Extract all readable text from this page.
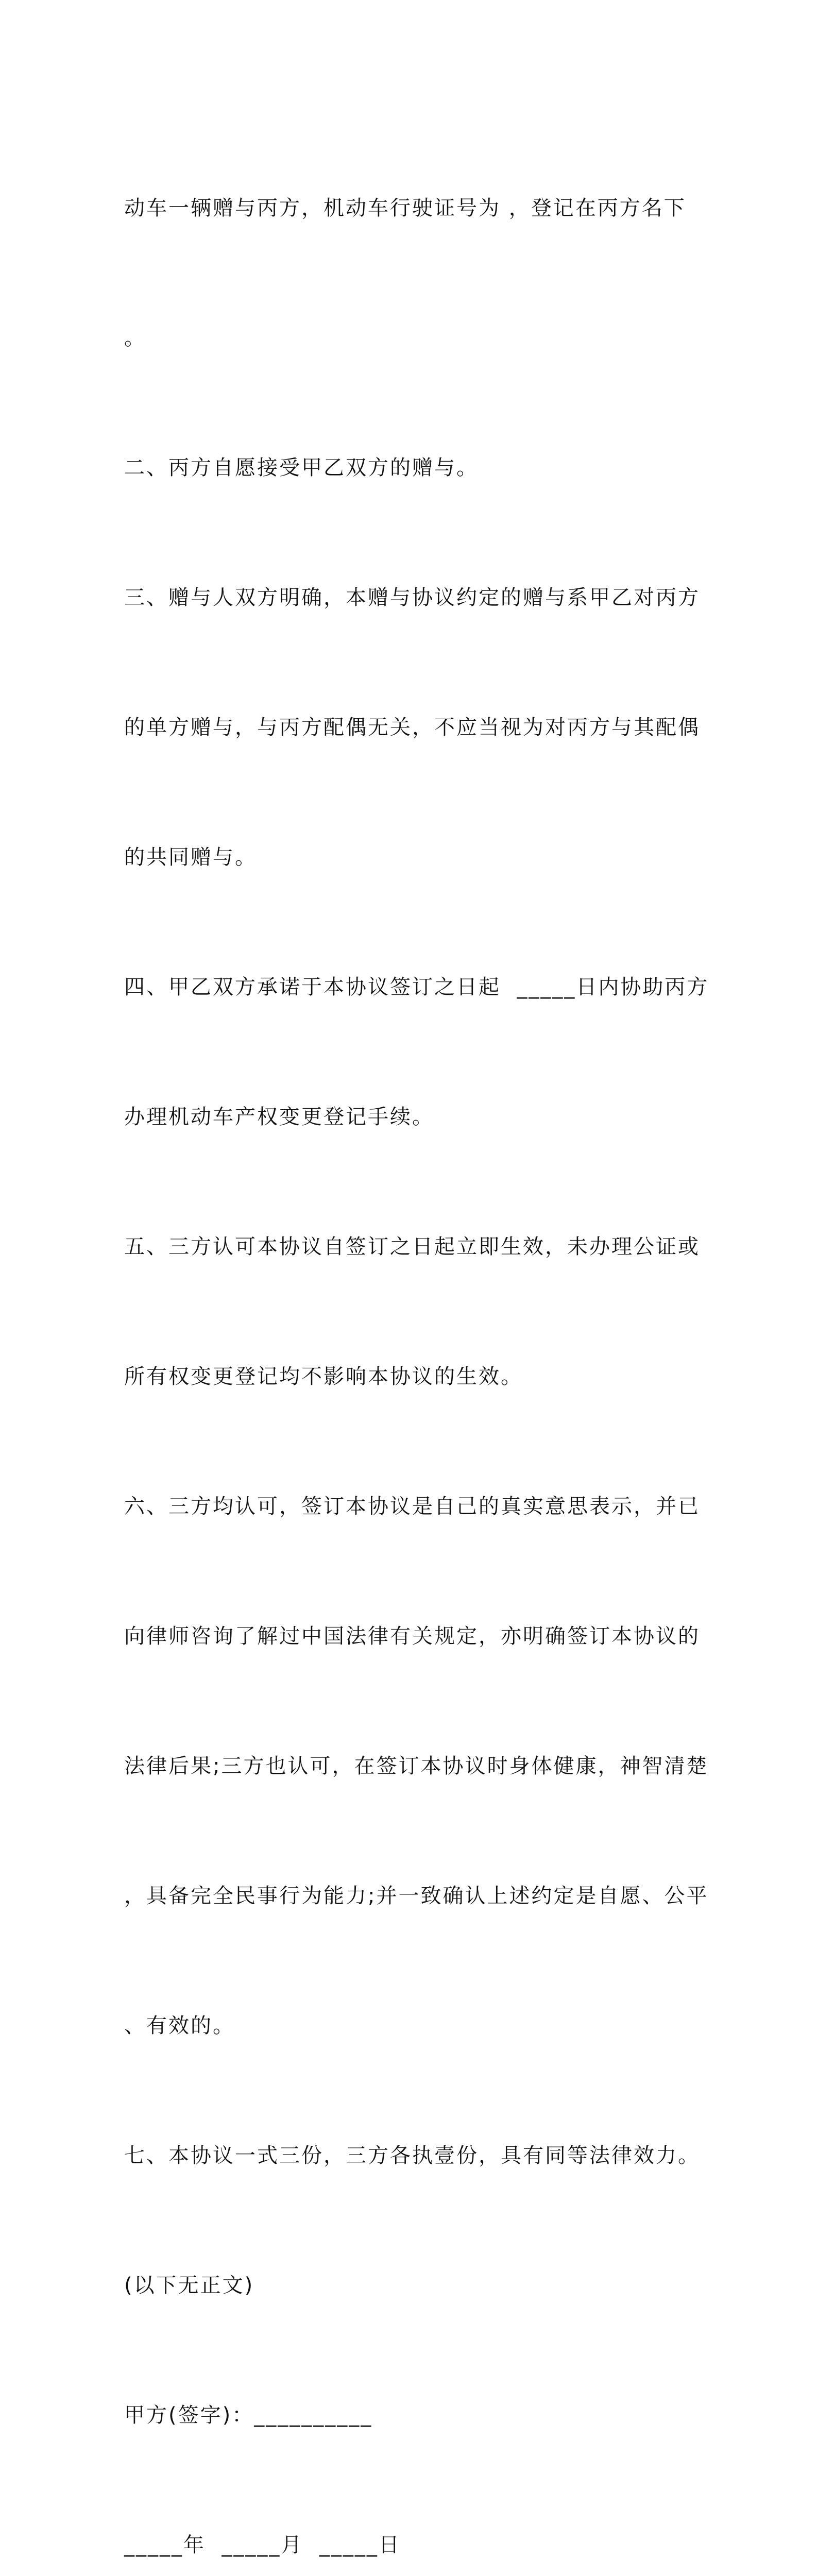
动车一辆赠与丙方，机动车行驶证号为 ，登记在丙方名下

。

二、丙方自愿接受甲乙双方的赠与。

三、赠与人双方明确，本赠与协议约定的赠与系甲乙对丙方

的单方赠与，与丙方配偶无关，不应当视为对丙方与其配偶

的共同赠与。

四、甲乙双方承诺于本协议签订之日起  _____日内协助丙方

办理机动车产权变更登记手续。

五、三方认可本协议自签订之日起立即生效，未办理公证或

所有权变更登记均不影响本协议的生效。

六、三方均认可，签订本协议是自己的真实意思表示，并已

向律师咨询了解过中国法律有关规定，亦明确签订本协议的

法律后果;三方也认可，在签订本协议时身体健康，神智清楚

，具备完全民事行为能力;并一致确认上述约定是自愿、公平

、有效的。

七、本协议一式三份，三方各执壹份，具有同等法律效力。

(以下无正文)

甲方(签字)：__________

_____年  _____月  _____日
